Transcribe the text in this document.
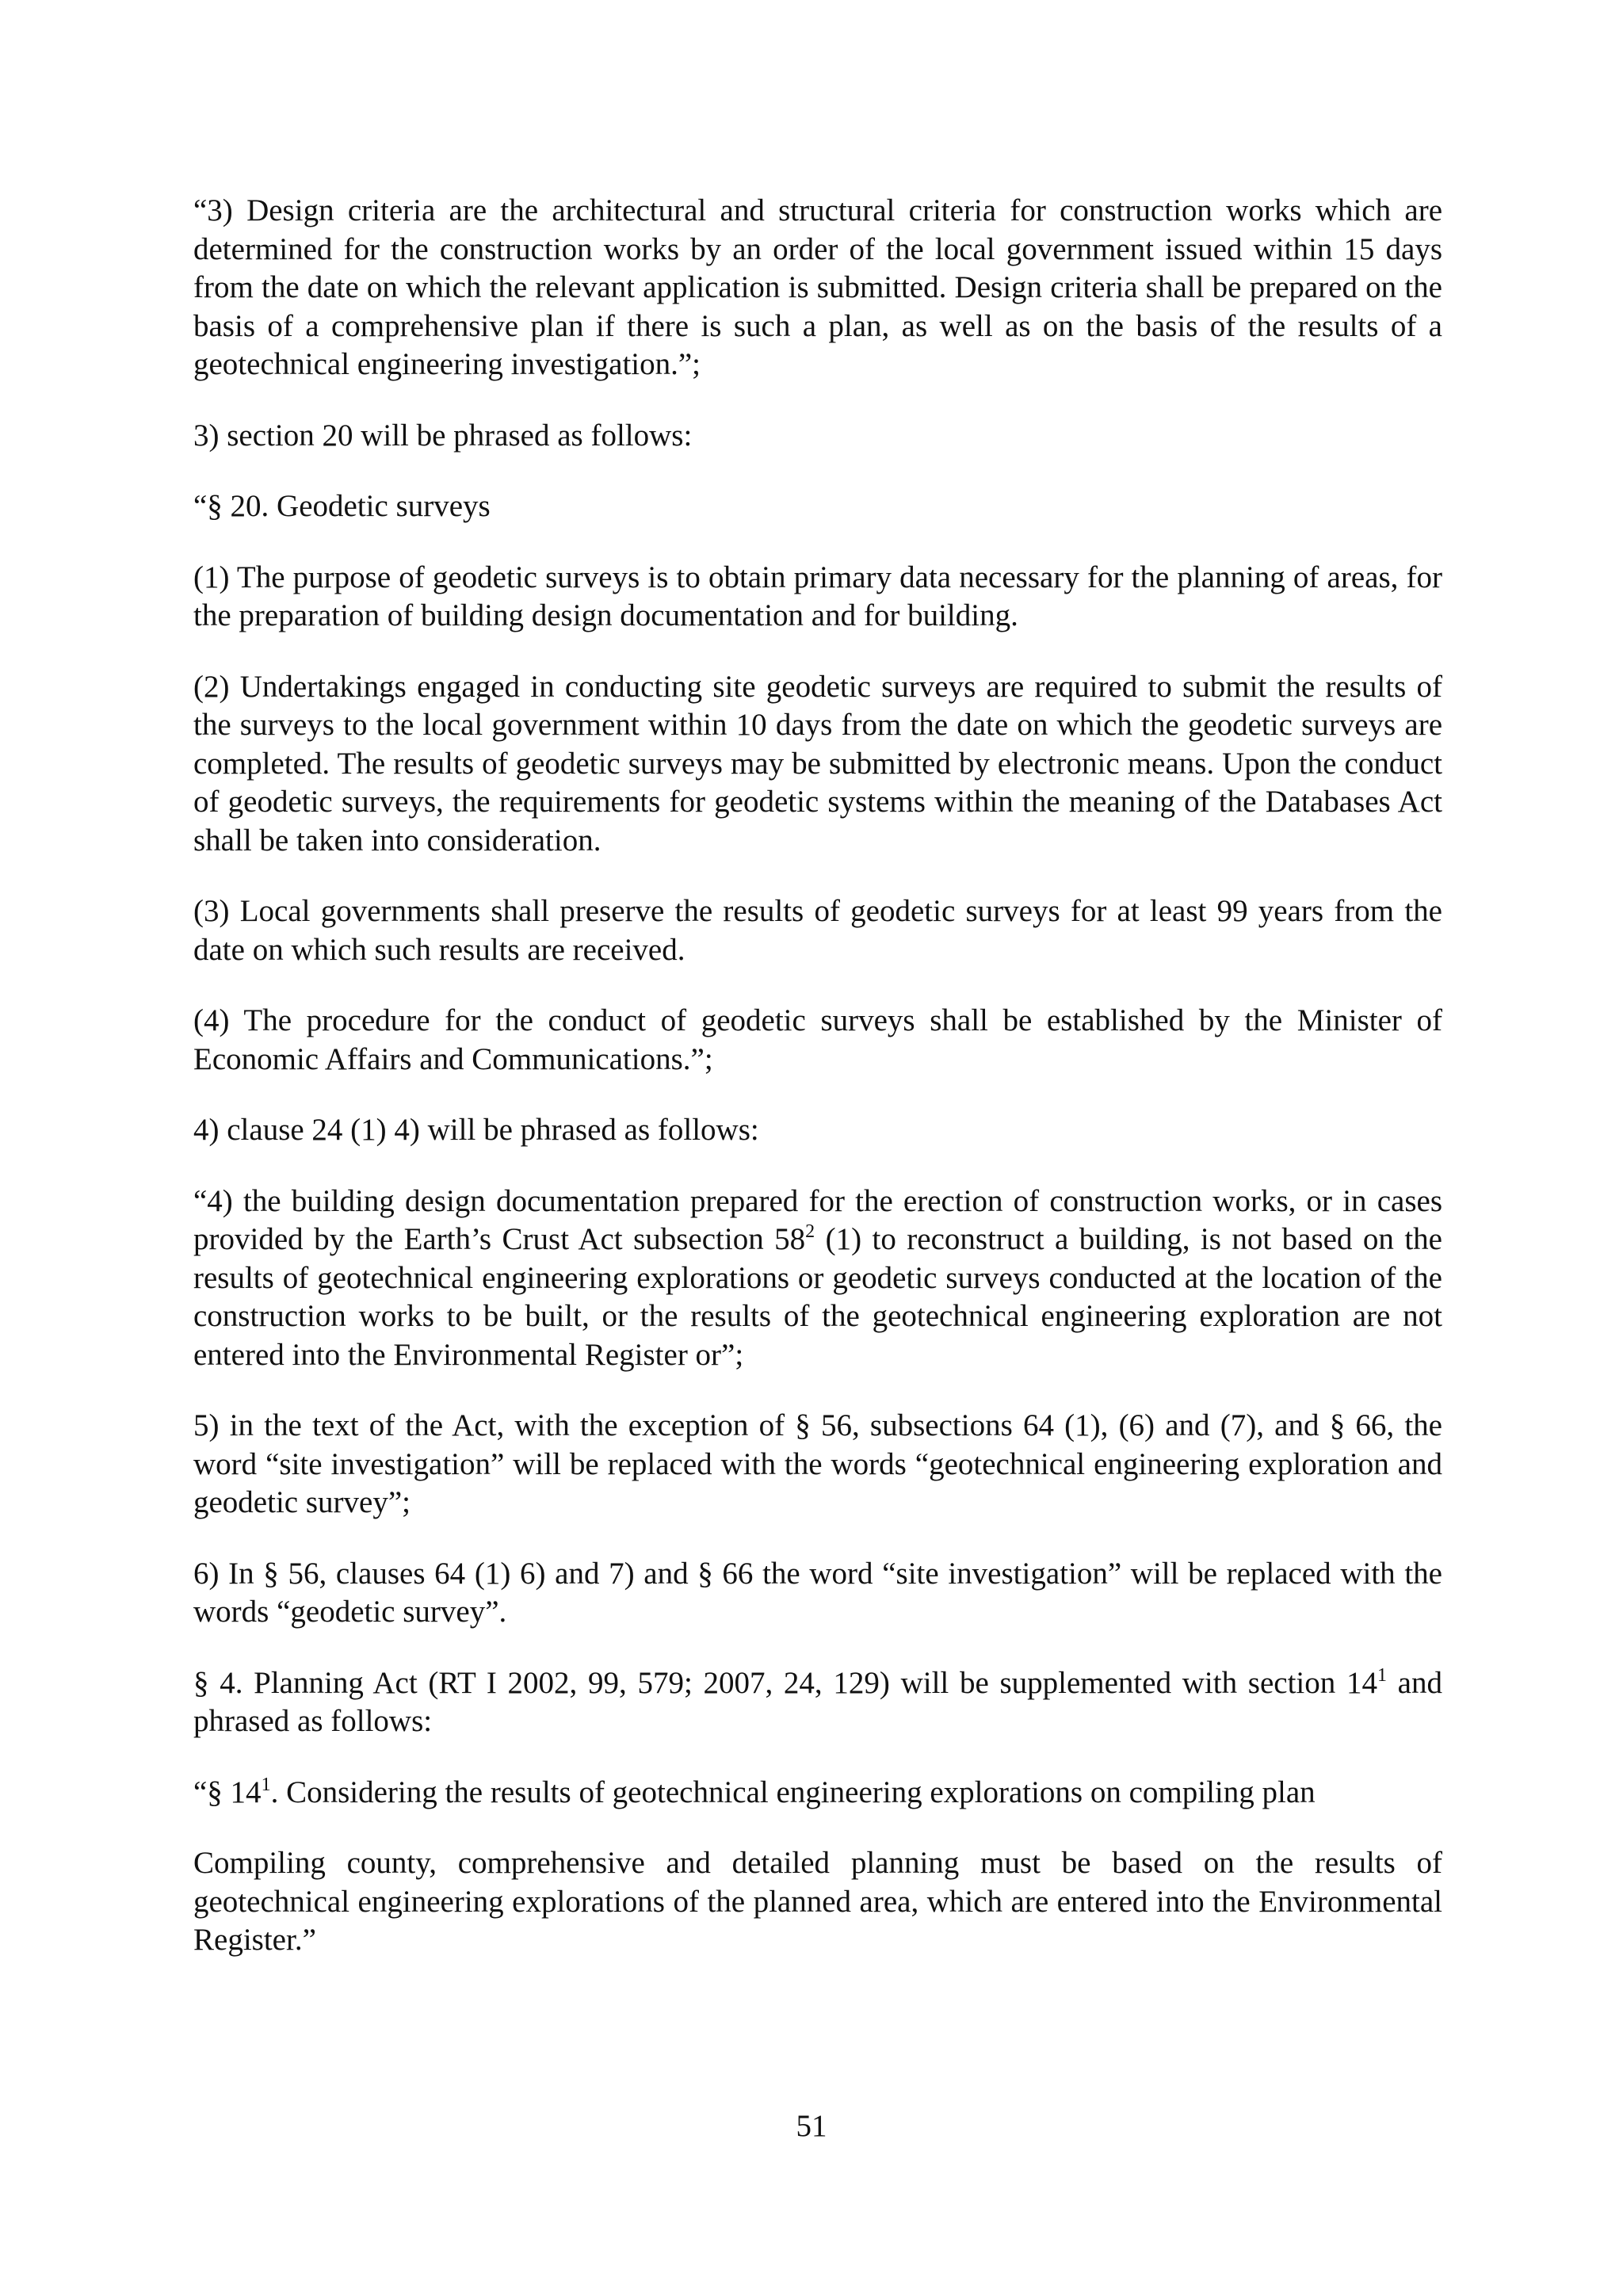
“3) Design criteria are the architectural and structural criteria for construction works which are determined for the construction works by an order of the local government issued within 15 days from the date on which the relevant application is submitted. Design criteria shall be prepared on the basis of a comprehensive plan if there is such a plan, as well as on the basis of the results of a geotechnical engineering investigation.”;

3) section 20 will be phrased as follows:

“§ 20. Geodetic surveys

(1) The purpose of geodetic surveys is to obtain primary data necessary for the planning of areas, for the preparation of building design documentation and for building.

(2) Undertakings engaged in conducting site geodetic surveys are required to submit the results of the surveys to the local government within 10 days from the date on which the geodetic surveys are completed. The results of geodetic surveys may be submitted by electronic means. Upon the conduct of geodetic surveys, the requirements for geodetic systems within the meaning of the Databases Act shall be taken into consideration.

(3) Local governments shall preserve the results of geodetic surveys for at least 99 years from the date on which such results are received.

(4) The procedure for the conduct of geodetic surveys shall be established by the Minister of Economic Affairs and Communications.”;

4) clause 24 (1) 4) will be phrased as follows:

“4) the building design documentation prepared for the erection of construction works, or in cases provided by the Earth’s Crust Act subsection $58^2$ (1) to reconstruct a building, is not based on the results of geotechnical engineering explorations or geodetic surveys conducted at the location of the construction works to be built, or the results of the geotechnical engineering exploration are not entered into the Environmental Register or”;

5) in the text of the Act, with the exception of § 56, subsections 64 (1), (6) and (7), and § 66, the word “site investigation” will be replaced with the words “geotechnical engineering exploration and geodetic survey”;

6) In § 56, clauses 64 (1) 6) and 7) and § 66 the word “site investigation” will be replaced with the words “geodetic survey”.

§ 4. Planning Act (RT I 2002, 99, 579; 2007, 24, 129) will be supplemented with section $14^1$ and phrased as follows:

“§ $14^1$. Considering the results of geotechnical engineering explorations on compiling plan

Compiling county, comprehensive and detailed planning must be based on the results of geotechnical engineering explorations of the planned area, which are entered into the Environmental Register.”

51
